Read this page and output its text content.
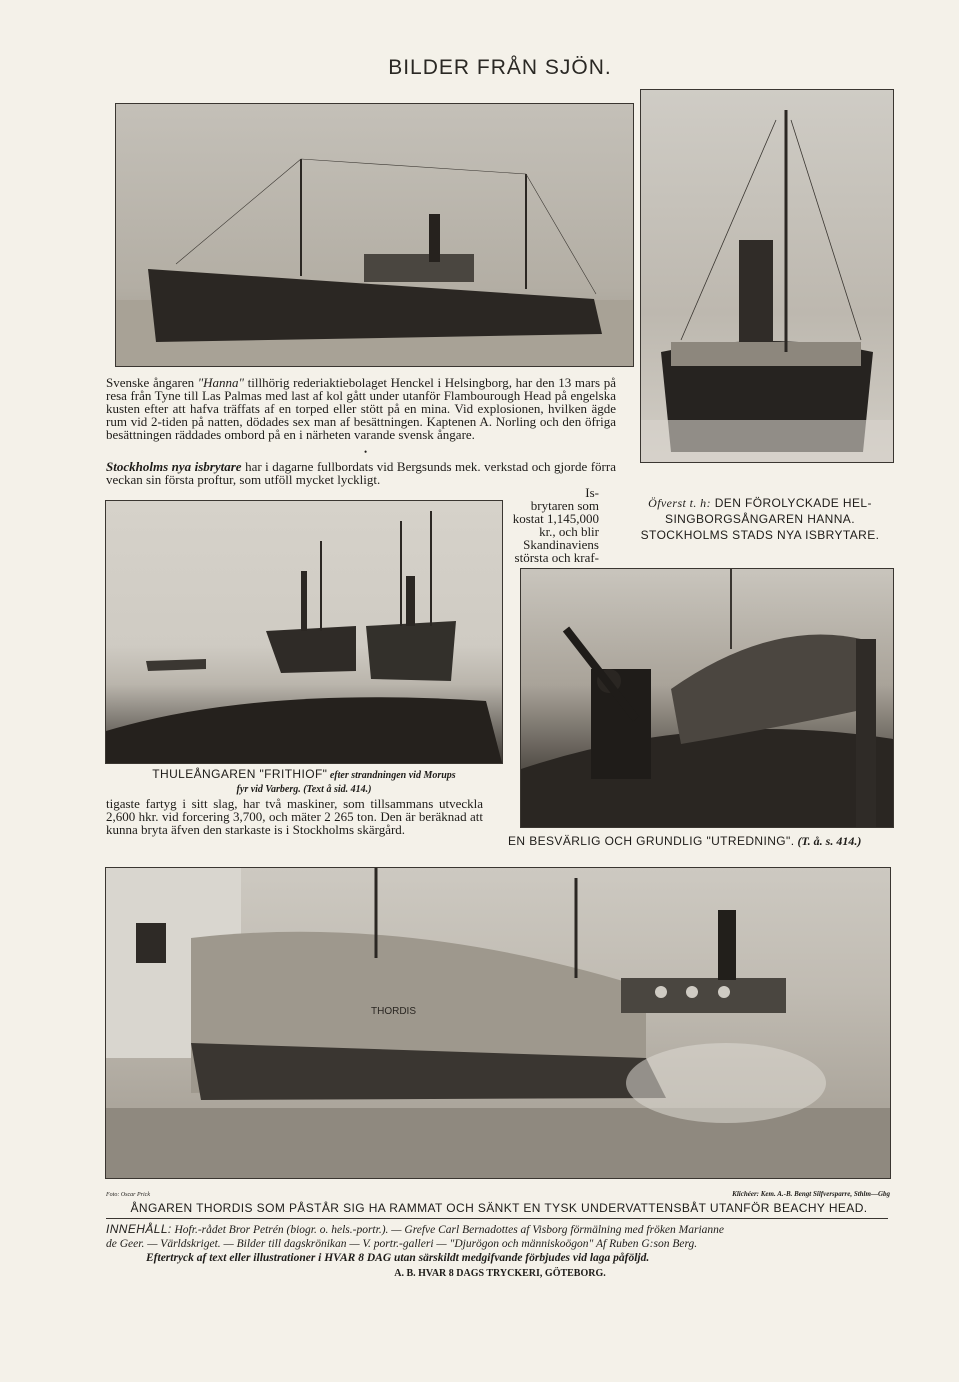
BILDER FRÅN SJÖN.
Svenske ångaren "Hanna" tillhörig rederiaktiebolaget Henckel i Helsingborg, har den 13 mars på resa från Tyne till Las Palmas med last af kol gått under utanför Flambourough Head på engelska kusten efter att hafva träffats af en torped eller stött på en mina. Vid explosionen, hvilken ägde rum vid 2-tiden på natten, dödades sex man af besättningen. Kaptenen A. Norling och den öfriga besättningen räddades ombord på en i närheten varande svensk ångare.
•
Stockholms nya isbrytare har i dagarne fullbordats vid Bergsunds mek. verkstad och gjorde förra veckan sin första proftur, som utföll mycket lyckligt.
Is-
brytaren som
kostat 1,145,000
kr., och blir
Skandinaviens
största och kraf-
Öfverst t. h: DEN FÖROLYCKADE HEL-
SINGBORGSÅNGAREN HANNA.
STOCKHOLMS STADS NYA ISBRYTARE.
THULEÅNGAREN "FRITHIOF" efter strandningen vid Morups
fyr vid Varberg. (Text å sid. 414.)
tigaste fartyg i sitt slag, har två maskiner, som tillsammans utveckla 2,600 hkr. vid forcering 3,700, och mäter 2 265 ton. Den är beräknad att kunna bryta äfven den starkaste is i Stockholms skärgård.
EN BESVÄRLIG OCH GRUNDLIG "UTREDNING". (T. å. s. 414.)
THORDIS
Foto: Oscar Prick	Klichéer: Kem. A.-B. Bengt Silfversparre, Sthlm—Gbg
ÅNGAREN THORDIS SOM PÅSTÅR SIG HA RAMMAT OCH SÄNKT EN TYSK UNDERVATTENSBÅT UTANFÖR BEACHY HEAD.
INNEHÅLL: Hofr.-rådet Bror Petrén (biogr. o. hels.-portr.). — Grefve Carl Bernadottes af Visborg förmälning med fröken Marianne
de Geer. — Världskriget. — Bilder till dagskrönikan — V. portr.-galleri — "Djurögon och människoögon" Af Ruben G:son Berg.
Eftertryck af text eller illustrationer i HVAR 8 DAG utan särskildt medgifvande förbjudes vid laga påföljd.
A. B. HVAR 8 DAGS TRYCKERI, GÖTEBORG.
